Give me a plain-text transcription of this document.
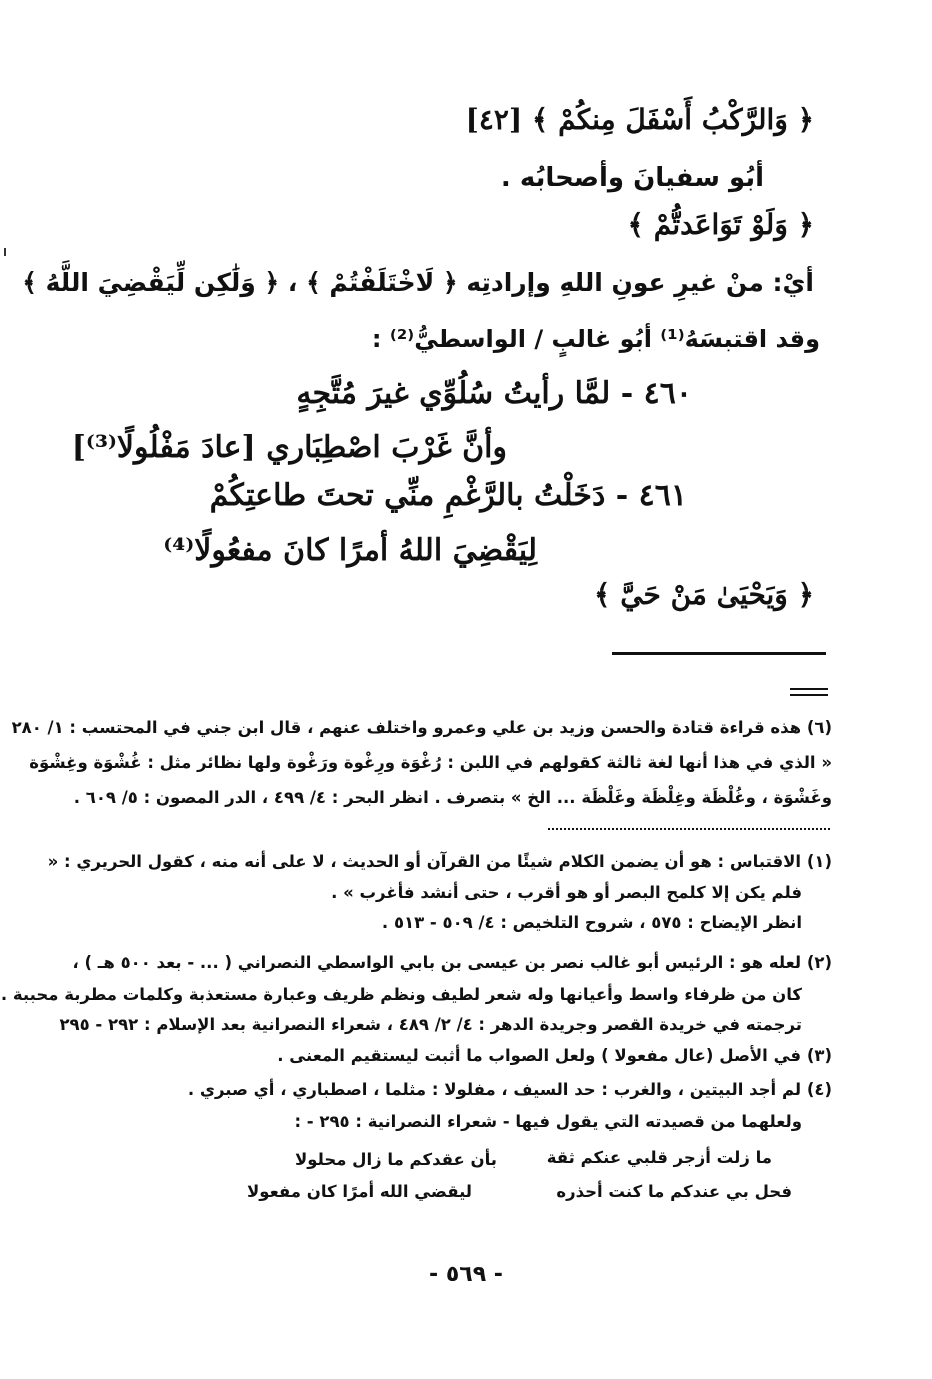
﴿ وَالرَّكْبُ أَسْفَلَ مِنكُمْ ﴾ [٤٢]
أبُو سفيانَ وأصحابُه .
﴿ وَلَوْ تَوَاعَدتُّمْ ﴾
أيْ: منْ غيرِ عونِ اللهِ وإرادتِه ﴿ لَاخْتَلَفْتُمْ ﴾ ، ﴿ وَلَٰكِن لِّيَقْضِيَ اللَّهُ ﴾
وقد اقتبسَهُ⁽¹⁾ أبُو غالبٍ / الواسطيُّ⁽²⁾ :
٤٦٠ - لمَّا رأيتُ سُلُوِّي غيرَ مُتَّجِهٍ
وأنَّ غَرْبَ اصْطِبَاري [عادَ مَفْلُولًا⁽³⁾]
٤٦١ - دَخَلْتُ بالرَّغْمِ منِّي تحتَ طاعتِكُمْ
لِيَقْضِيَ اللهُ أمرًا كانَ مفعُولًا⁽⁴⁾
﴿ وَيَحْيَىٰ مَنْ حَيَّ ﴾
(٦) هذه قراءة قتادة والحسن وزيد بن علي وعمرو واختلف عنهم ، قال ابن جني في المحتسب : ١/ ٢٨٠
« الذي في هذا أنها لغة ثالثة كقولهم في اللبن : رُغْوَة ورِغْوة ورَغْوة ولها نظائر مثل : غُشْوَة وغِشْوَة
وغَشْوَة ، وغُلْظَة وغِلْظَة وغَلْظَة ... الخ » بتصرف . انظر البحر : ٤/ ٤٩٩ ، الدر المصون : ٥/ ٦٠٩ .
(١) الاقتباس : هو أن يضمن الكلام شيئًا من القرآن أو الحديث ، لا على أنه منه ، كقول الحريري : «
فلم يكن إلا كلمح البصر أو هو أقرب ، حتى أنشد فأغرب » .
انظر الإيضاح : ٥٧٥ ، شروح التلخيص : ٤/ ٥٠٩ - ٥١٣ .
(٢) لعله هو : الرئيس أبو غالب نصر بن عيسى بن بابي الواسطي النصراني ( ... - بعد ٥٠٠ هـ ) ،
كان من ظرفاء واسط وأعيانها وله شعر لطيف ونظم ظريف وعبارة مستعذبة وكلمات مطربة محببة .
ترجمته في خريدة القصر وجريدة الدهر : ٤/ ٢/ ٤٨٩ ، شعراء النصرانية بعد الإسلام : ٢٩٢ - ٢٩٥
(٣) في الأصل (عال مفعولا ) ولعل الصواب ما أثبت ليستقيم المعنى .
(٤) لم أجد البيتين ، والغرب : حد السيف ، مفلولا : مثلما ، اصطباري ، أي صبري .
ولعلهما من قصيدته التي يقول فيها - شعراء النصرانية : ٢٩٥ - :
ما زلت أزجر قلبي عنكم ثقة
بأن عقدكم ما زال محلولا
فحل بي عندكم ما كنت أحذره
ليقضي الله أمرًا كان مفعولا
- ٥٦٩ -
